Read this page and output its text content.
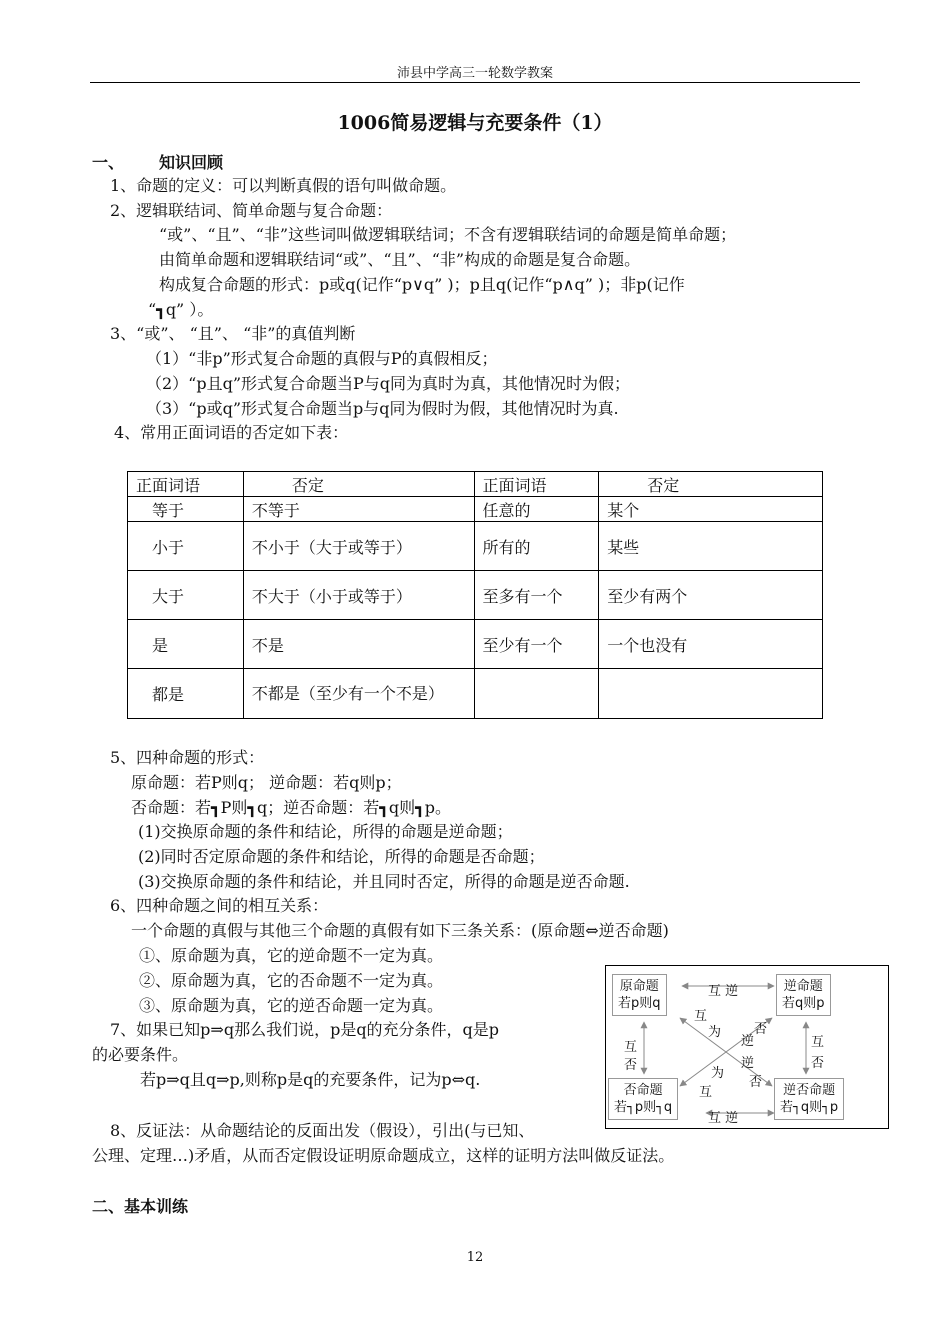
沛县中学高三一轮数学教案
1006简易逻辑与充要条件（1）
一、 知识回顾
1、命题的定义：可以判断真假的语句叫做命题。
2、逻辑联结词、简单命题与复合命题：
“或”、“且”、“非”这些词叫做逻辑联结词；不含有逻辑联结词的命题是简单命题；
由简单命题和逻辑联结词“或”、“且”、“非”构成的命题是复合命题。
构成复合命题的形式：p或q(记作“p∨q” )；p且q(记作“p∧q” )；非p(记作
“┓q” ）。
3、“或”、 “且”、 “非”的真值判断
（1）“非p”形式复合命题的真假与P的真假相反；
（2）“p且q”形式复合命题当P与q同为真时为真，其他情况时为假；
（3）“p或q”形式复合命题当p与q同为假时为假，其他情况时为真.
4、常用正面词语的否定如下表：
正面词语	否定	正面词语	否定
等于	不等于	任意的	某个
小于	不小于（大于或等于）	所有的	某些
大于	不大于（小于或等于）	至多有一个	至少有两个
是	不是	至少有一个	一个也没有
都是	不都是（至少有一个不是）		
5、四种命题的形式：
原命题：若P则q； 逆命题：若q则p；
否命题：若┓P则┓q；逆否命题：若┓q则┓p。
(1)交换原命题的条件和结论，所得的命题是逆命题；
(2)同时否定原命题的条件和结论，所得的命题是否命题；
(3)交换原命题的条件和结论，并且同时否定，所得的命题是逆否命题.
6、四种命题之间的相互关系：
一个命题的真假与其他三个命题的真假有如下三条关系：(原命题⇔逆否命题)
①、原命题为真，它的逆命题不一定为真。
②、原命题为真，它的否命题不一定为真。
③、原命题为真，它的逆否命题一定为真。
7、如果已知p⇒q那么我们说，p是q的充分条件，q是p
的必要条件。
若p⇒q且q⇒p,则称p是q的充要条件，记为p⇔q.
8、反证法：从命题结论的反面出发（假设），引出(与已知、
公理、定理…)矛盾，从而否定假设证明原命题成立，这样的证明方法叫做反证法。
二、基本训练
原命题
若p则q
逆命题
若q则p
否命题
若┐p则┐q
逆否命题
若┐q则┐p
互 逆
互 逆
互
否
互
否
互
为
逆
否
逆
否
为
互
12
